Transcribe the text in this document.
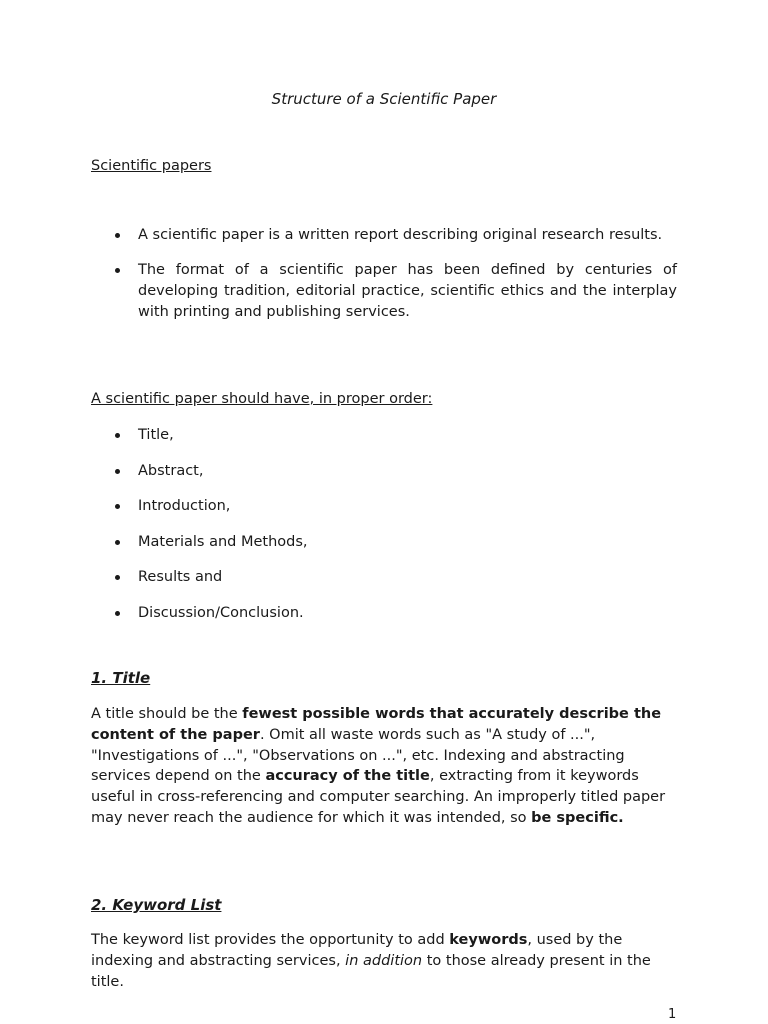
Structure of a Scientific Paper
Scientific papers
A scientific paper is a written report describing original research results.
The format of a scientific paper has been defined by centuries of developing tradition, editorial practice, scientific ethics and the interplay with printing and publishing services.
A scientific paper should have, in proper order:
Title,
Abstract,
Introduction,
Materials and Methods,
Results and
Discussion/Conclusion.
1. Title

A title should be the fewest possible words that accurately describe the content of the paper. Omit all waste words such as "A study of ...", "Investigations of ...", "Observations on ...", etc. Indexing and abstracting services depend on the accuracy of the title, extracting from it keywords useful in cross-referencing and computer searching. An improperly titled paper may never reach the audience for which it was intended, so be specific.

2. Keyword List

The keyword list provides the opportunity to add keywords, used by the indexing and abstracting services, in addition to those already present in the title.

1
